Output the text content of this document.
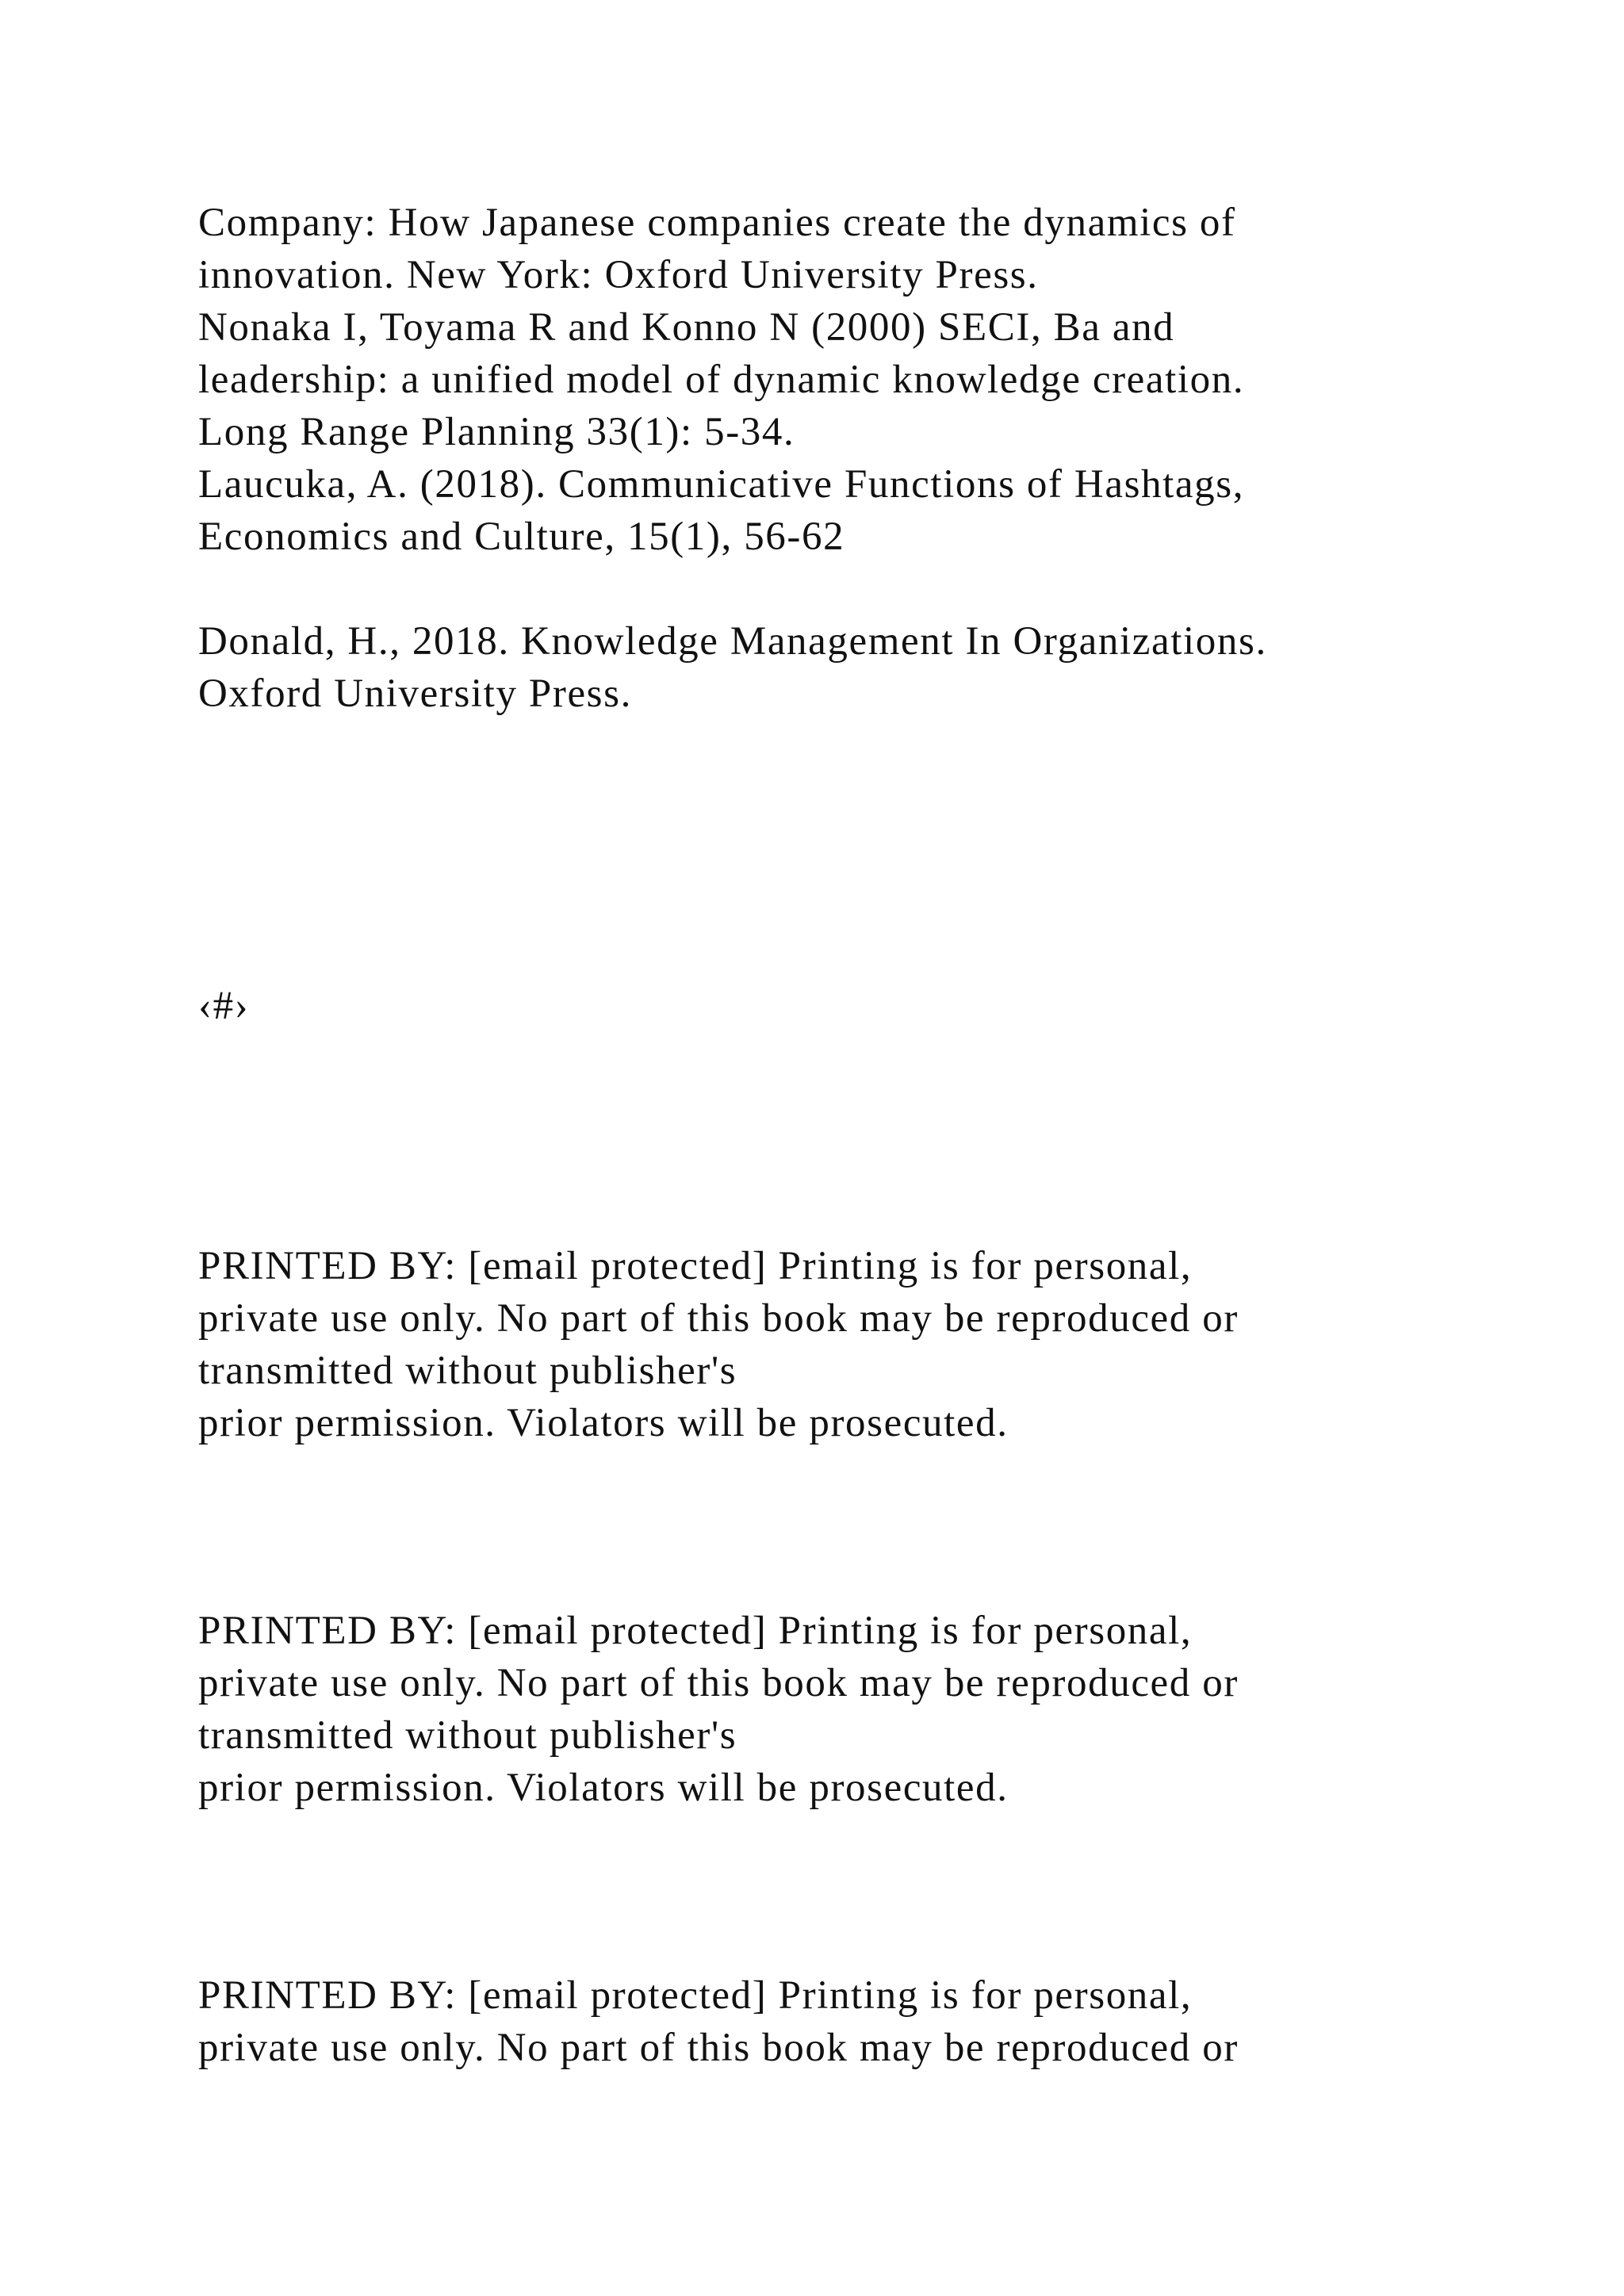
Company: How Japanese companies create the dynamics of
innovation. New York: Oxford University Press.
Nonaka I, Toyama R and Konno N (2000) SECI, Ba and
leadership: a unified model of dynamic knowledge creation.
Long Range Planning 33(1): 5-34.
Laucuka, A. (2018). Communicative Functions of Hashtags,
Economics and Culture, 15(1), 56-62
Donald, H., 2018. Knowledge Management In Organizations.
Oxford University Press.
‹#›
PRINTED BY: [email protected] Printing is for personal,
private use only. No part of this book may be reproduced or
transmitted without publisher's
prior permission. Violators will be prosecuted.
PRINTED BY: [email protected] Printing is for personal,
private use only. No part of this book may be reproduced or
transmitted without publisher's
prior permission. Violators will be prosecuted.
PRINTED BY: [email protected] Printing is for personal,
private use only. No part of this book may be reproduced or
